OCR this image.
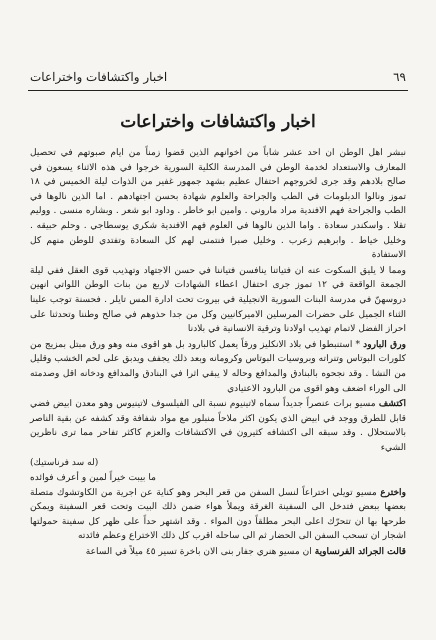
اخبار واكتشافات واختراعات	٦٩
اخبار واكتشافات واختراعات

نبشر اهل الوطن ان احد عشر شاباً من اخوانهم الذين قضوا زمناً من ايام صبوتهم في تحصيل المعارف والاستعداد لخدمة الوطن في المدرسة الكلية السورية خرجوا في هذه الاثناء يسعون في صالح بلادهم وقد جرى لخروجهم احتفال عظيم بشهد جمهور غفير من الذوات ليلة الخميس في ١٨ تموز ونالوا الدبلومات في الطب والجراحة والعلوم شهادة بحسن اجتهادهم . اما الذين نالوها في الطب والجراحة فهم الافندية مراد ماروني . وامين ابو خاطر . وداود ابو شعر . وبشاره منسى . ووليم تقلا . واسكندر سعادة . واما الذين نالوها في العلوم فهم الافندية شكري يوسطاجي . وحلم حبيقه . وخليل خياط . وابرهيم زعرب . وخليل صبرا فنتمنى لهم كل السعادة وتفتدي للوطن منهم كل الاستفادة

ومما لا يليق السكوت عنه ان فتياتنا ينافسن فتياننا في حسن الاجتهاد وتهذيب قوى العقل ففي ليلة الجمعة الواقعة في ١٢ تموز جرى احتفال اعطاء الشهادات لاربع من بنات الوطن اللواتي انهين دروسهنّ في مدرسة البنات السورية الانجيلية في بيروت تحت ادارة المس تايلر . فحسنة توجب علينا الثناء الجميل على حضرات المرسلين الاميركانيين وكل من جدا حذوهم في صالح وطننا وتحدثنا على احراز الفضل لاتمام تهذيب اولادنا وترقية الانسانية في بلادنا

ورق البارود * استنبطوا في بلاد الانكليز ورقاً يعمل كالبارود بل هو اقوى منه وهو ورق مبتل بمزيج من كلورات البوتاس وتنراته وبروسيات البوتاس وكرومانه وبعد ذلك يجفف ويدبق على لحم الخشب وقليل من النشا . وقد نجحوه بالبنادق والمدافع وحاله لا يبقي اثرا في البنادق والمدافع ودخانه اقل وصدمته الى الوراء اضعف وهو اقوى من البارود الاعتيادي

اكتشف مسيو برات عنصراً جديداً سماه لاتينيوم نسبة الى الفيلسوف لاتينيوس وهو معدن ابيض فضي قابل للطرق ووجد في ابيض الذي يكون اكثر ملاحاً منبلور مع مواد شفافة وقد كشفه عن بقية الناصر بالاستحلال . وقد سبقه الى اكتشافه كثيرون في الاكتشافات والعزم كاكثر تفاحر مما ترى ناظرين الشيء

(له سد فرناستيك)
ما بيبت خيراً لمين و أعرف فوائده

واخترع مسيو تويلي اختراعاً لنسل السفن من قعر البحر وهو كناية عن اجرية من الكاوتشوك متصلة بعضها ببعض فتدخل الى السفينة الغرقة ويملأ هواء ضمن ذلك البيت وتحت قعر السفينة ويمكن طرحها بها ان تتحرّك اعلى البحر مطلقاً دون المواء . وقد اشتهر حداً على ظهر كل سفينة حمولتها اشجار ان تسحب السفن الى الحضار ثم الى ساحله اقرب كل ذلك الاختراع وعظم فائدته

قالت الجرائد الفرنساوية ان مسيو هنري جفار بنى الان باخرة تسير ٤٥ ميلاً في الساعة
